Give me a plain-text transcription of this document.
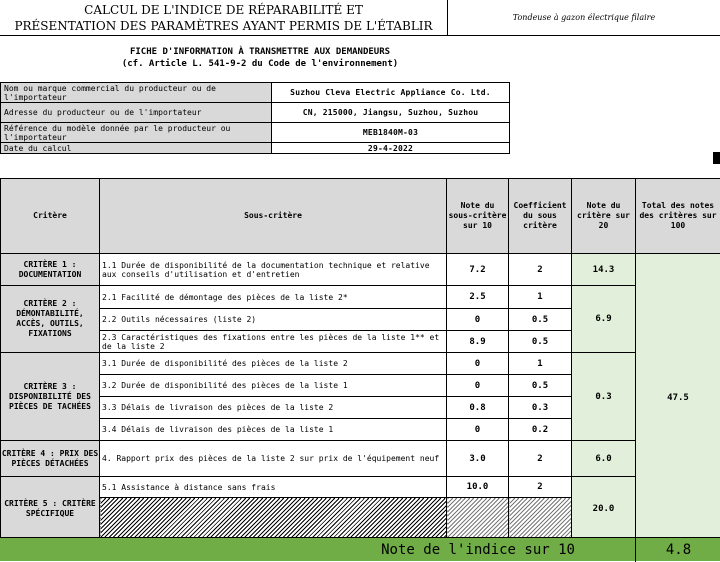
CALCUL DE L'INDICE DE RÉPARABILITÉ ET
PRÉSENTATION DES PARAMÈTRES AYANT PERMIS DE L'ÉTABLIR
Tondeuse à gazon électrique filaire
FICHE D'INFORMATION À TRANSMETTRE AUX DEMANDEURS
(cf. Article L. 541-9-2 du Code de l'environnement)
Nom ou marque commercial du producteur ou de l'importateur	Suzhou Cleva Electric Appliance Co. Ltd.
Adresse du producteur ou de l'importateur	CN, 215000, Jiangsu, Suzhou, Suzhou
Référence du modèle donnée par le producteur ou l'importateur	MEB1840M-03
Date du calcul	29-4-2022
Critère	Sous-critère	Note du sous-critère sur 10	Coefficient du sous critère	Note du critère sur 20	Total des notes des critères sur 100
CRITÈRE 1 : DOCUMENTATION	1.1 Durée de disponibilité de la documentation technique et relative aux conseils d'utilisation et d'entretien	7.2	2	14.3	47.5
CRITÈRE 2 : DÉMONTABILITÉ, ACCÈS, OUTILS, FIXATIONS	2.1 Facilité de démontage des pièces de la liste 2*	2.5	1	6.9	
	2.2 Outils nécessaires (liste 2)	0	0.5		
	2.3 Caractéristiques des fixations entre les pièces de la liste 1** et de la liste 2	8.9	0.5		
CRITÈRE 3 : DISPONIBILITÉ DES PIÈCES DE TACHÉES	3.1 Durée de disponibilité des pièces de la liste 2	0	1	0.3	
	3.2 Durée de disponibilité des pièces de la liste 1	0	0.5		
	3.3 Délais de livraison des pièces de la liste 2	0.8	0.3		
	3.4 Délais de livraison des pièces de la liste 1	0	0.2		
CRITÈRE 4 : PRIX DES PIÈCES DÉTACHÉES	4. Rapport prix des pièces de la liste 2 sur prix de l'équipement neuf	3.0	2	6.0	
CRITÈRE 5 : CRITÈRE SPÉCIFIQUE	5.1 Assistance à distance sans frais	10.0	2	20.0	

Note de l'indice sur 10	4.8
